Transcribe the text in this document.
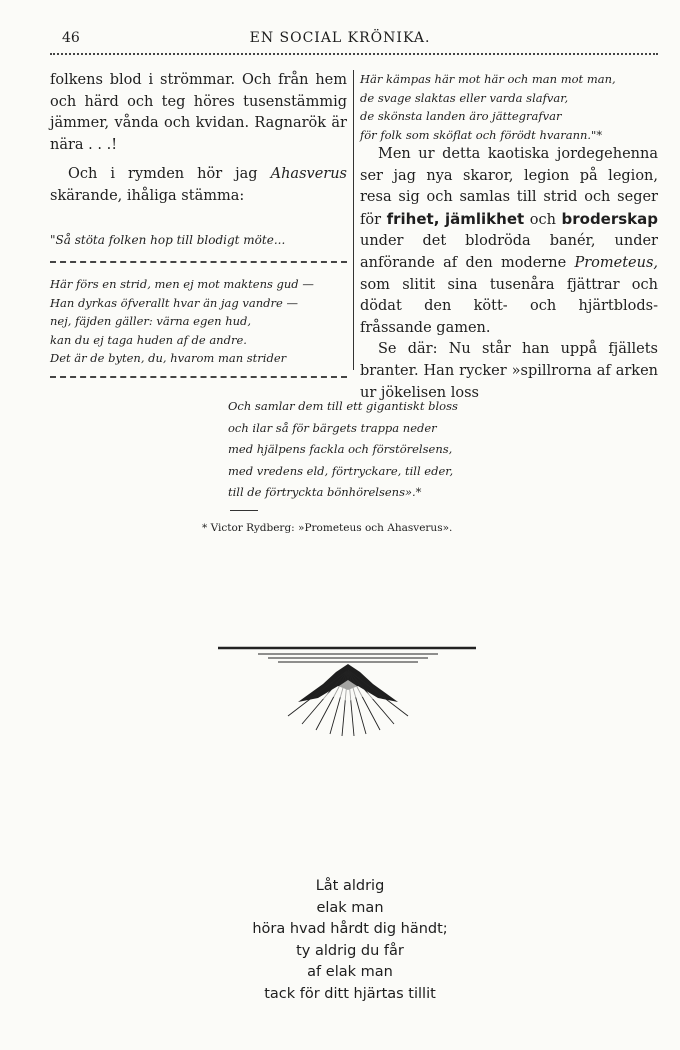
46	EN SOCIAL KRÖNIKA.

folkens blod i strömmar. Och från hem och härd och teg höres tusenstämmig jämmer, vånda och kvidan. Ragnarök är nära . . .!

Och i rymden hör jag Ahasverus skärande, ihåliga stämma:

"Så stöta folken hop till blodigt möte...
Här förs en strid, men ej mot maktens gud —
Han dyrkas öfverallt hvar än jag vandre —
nej, fäjden gäller: värna egen hud,
kan du ej taga huden af de andre.
Det är de byten, du, hvarom man strider
Här kämpas här mot här och man mot man,
de svage slaktas eller varda slafvar,
de skönsta landen äro jättegrafvar
för folk som sköflat och förödt hvarann."*

Men ur detta kaotiska jordegehenna ser jag nya skaror, legion på legion, resa sig och samlas till strid och seger för frihet, jämlikhet och broderskap under det blodröda banér, under anförande af den moderne Prometeus, som slitit sina tusenåra fjättrar och dödat den kött- och hjärtblods-fråssande gamen.

Se där: Nu står han uppå fjällets branter. Han rycker »spillrorna af arken ur jökelisen loss

Och samlar dem till ett gigantiskt bloss
och ilar så för bärgets trappa neder
med hjälpens fackla och förstörelsens,
med vredens eld, förtryckare, till eder,
till de förtryckta bönhörelsens».*
* Victor Rydberg: »Prometeus och Ahasverus».
Låt aldrig
elak man
höra hvad hårdt dig händt;
ty aldrig du får
af elak man
tack för ditt hjärtas tillit
